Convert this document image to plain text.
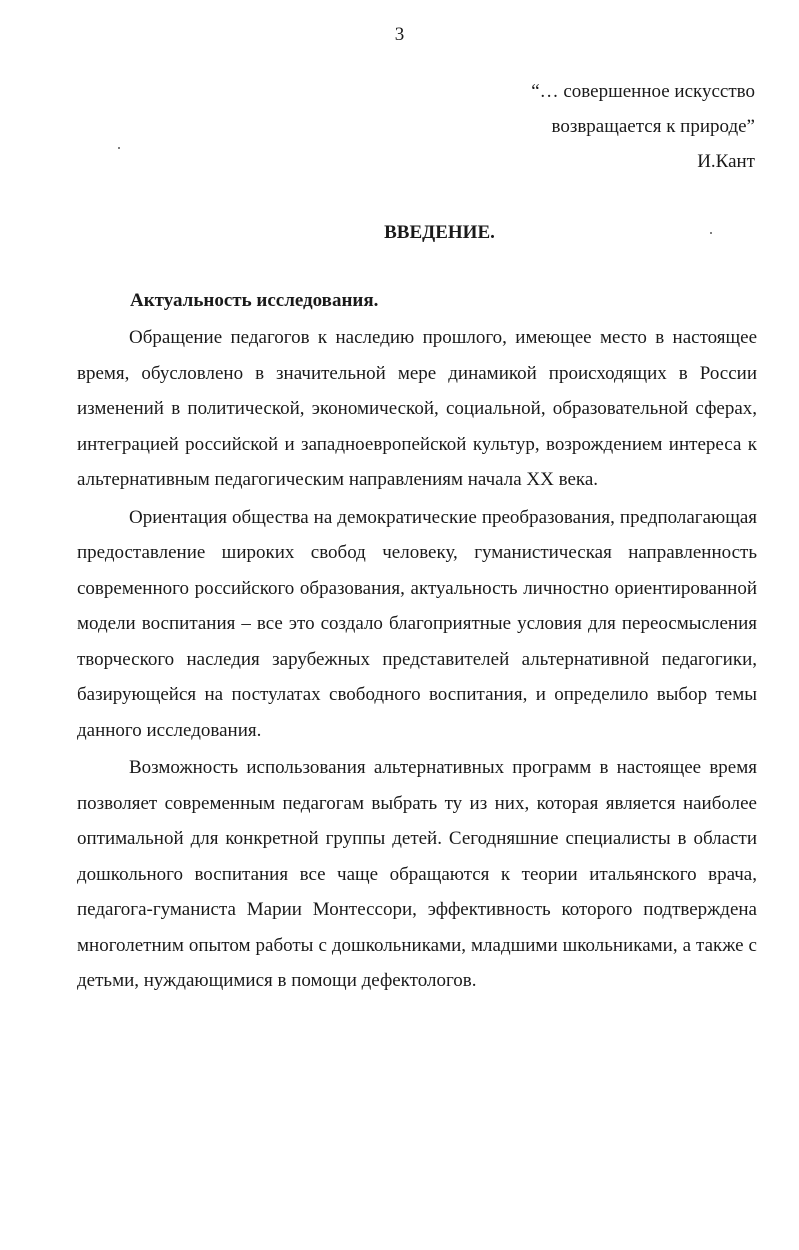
3
“… совершенное искусство
возвращается к природе”
И.Кант
ВВЕДЕНИЕ.
Актуальность исследования.

Обращение педагогов к наследию прошлого, имеющее место в настоящее время, обусловлено в значительной мере динамикой происходящих в России изменений в политической, экономической, социальной, образовательной сферах, интеграцией российской и западноевропейской культур, возрождением интереса к альтернативным педагогическим направлениям начала XX века.

Ориентация общества на демократические преобразования, предполагающая предоставление широких свобод человеку, гуманистическая направленность современного российского образования, актуальность личностно ориентированной модели воспитания – все это создало благоприятные условия для переосмысления творческого наследия зарубежных представителей альтернативной педагогики, базирующейся на постулатах свободного воспитания, и определило выбор темы данного исследования.

Возможность использования альтернативных программ в настоящее время позволяет современным педагогам выбрать ту из них, которая является наиболее оптимальной для конкретной группы детей. Сегодняшние специалисты в области дошкольного воспитания все чаще обращаются к теории итальянского врача, педагога-гуманиста Марии Монтессори, эффективность которого подтверждена многолетним опытом работы с дошкольниками, младшими школьниками, а также с детьми, нуждающимися в помощи дефектологов.
